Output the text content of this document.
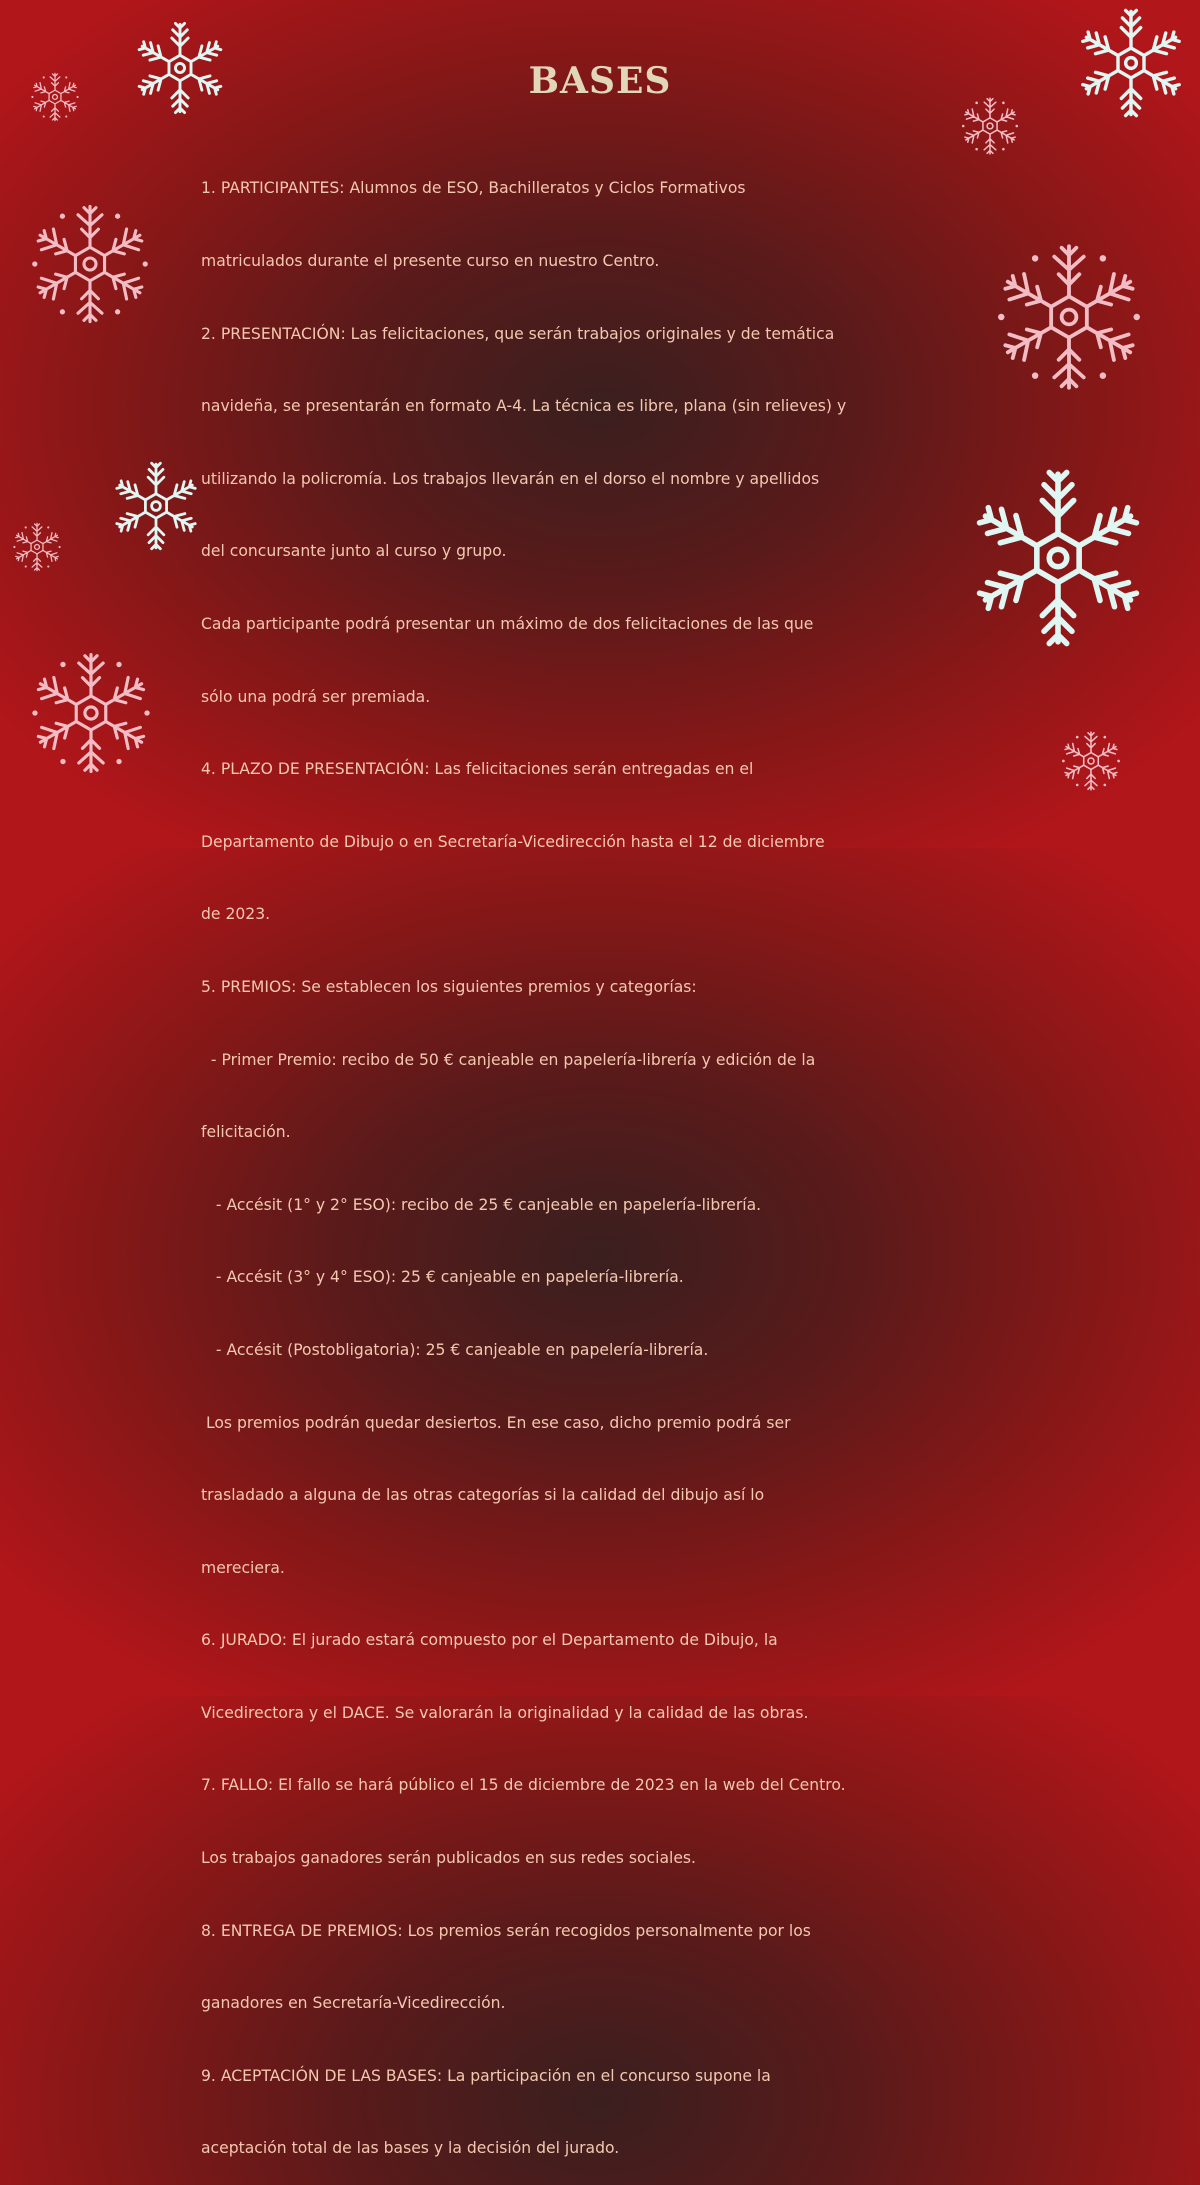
BASES

1. PARTICIPANTES: Alumnos de ESO, Bachilleratos y Ciclos Formativos

matriculados durante el presente curso en nuestro Centro.

2. PRESENTACIÓN: Las felicitaciones, que serán trabajos originales y de temática

navideña, se presentarán en formato A-4. La técnica es libre, plana (sin relieves) y

utilizando la policromía. Los trabajos llevarán en el dorso el nombre y apellidos

del concursante junto al curso y grupo.

Cada participante podrá presentar un máximo de dos felicitaciones de las que

sólo una podrá ser premiada.

4. PLAZO DE PRESENTACIÓN: Las felicitaciones serán entregadas en el

Departamento de Dibujo o en Secretaría-Vicedirección hasta el 12 de diciembre

de 2023.

5. PREMIOS: Se establecen los siguientes premios y categorías:

- Primer Premio: recibo de 50 € canjeable en papelería-librería y edición de la

felicitación.

- Accésit (1° y 2° ESO): recibo de 25 € canjeable en papelería-librería.

- Accésit (3° y 4° ESO): 25 € canjeable en papelería-librería.

- Accésit (Postobligatoria): 25 € canjeable en papelería-librería.

Los premios podrán quedar desiertos. En ese caso, dicho premio podrá ser

trasladado a alguna de las otras categorías si la calidad del dibujo así lo

mereciera.

6. JURADO: El jurado estará compuesto por el Departamento de Dibujo, la

Vicedirectora y el DACE. Se valorarán la originalidad y la calidad de las obras.

7. FALLO: El fallo se hará público el 15 de diciembre de 2023 en la web del Centro.

Los trabajos ganadores serán publicados en sus redes sociales.

8. ENTREGA DE PREMIOS: Los premios serán recogidos personalmente por los

ganadores en Secretaría-Vicedirección.

9. ACEPTACIÓN DE LAS BASES: La participación en el concurso supone la

aceptación total de las bases y la decisión del jurado.
